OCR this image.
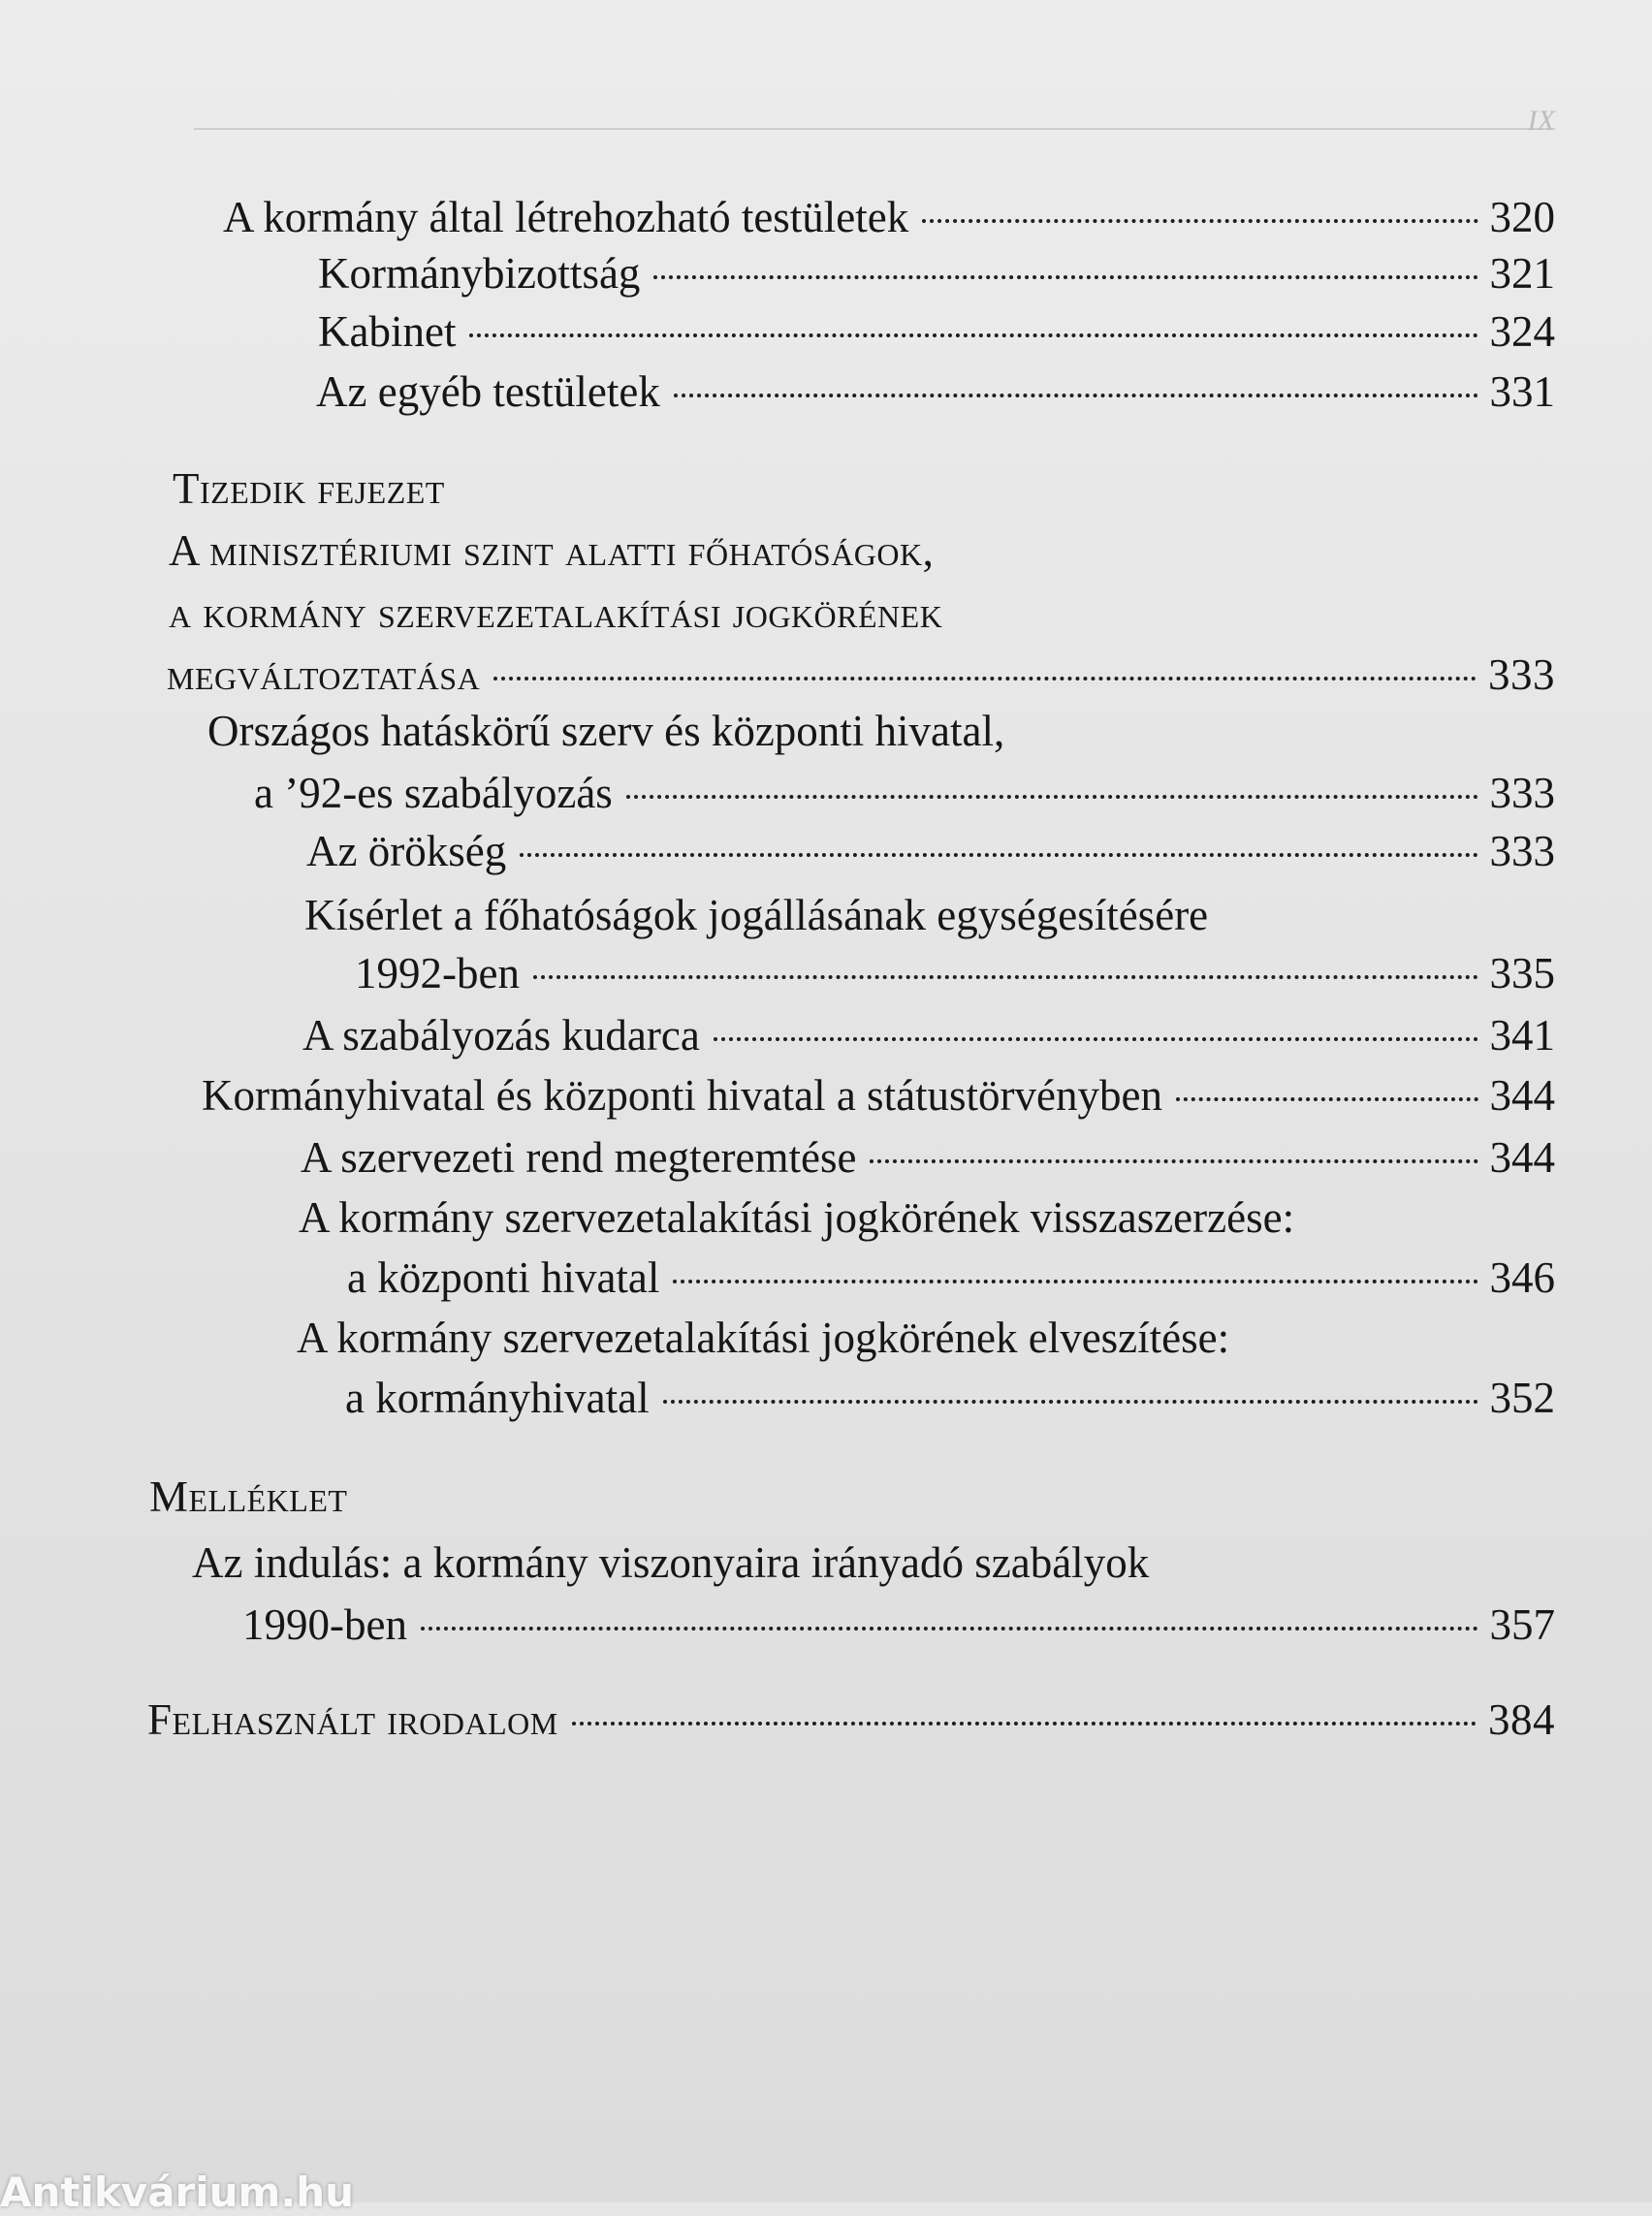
IX
A kormány által létrehozható testületek	320
Kormánybizottság	321
Kabinet	324
Az egyéb testületek	331
Tizedik fejezet
A minisztériumi szint alatti főhatóságok,
a kormány szervezetalakítási jogkörének
megváltoztatása	333
Országos hatáskörű szerv és központi hivatal,
a ’92-es szabályozás	333
Az örökség	333
Kísérlet a főhatóságok jogállásának egységesítésére
1992-ben	335
A szabályozás kudarca	341
Kormányhivatal és központi hivatal a státustörvényben	344
A szervezeti rend megteremtése	344
A kormány szervezetalakítási jogkörének visszaszerzése:
a központi hivatal	346
A kormány szervezetalakítási jogkörének elveszítése:
a kormányhivatal	352
Melléklet
Az indulás: a kormány viszonyaira irányadó szabályok
1990-ben	357
Felhasznált irodalom	384
Antikvárium.hu
